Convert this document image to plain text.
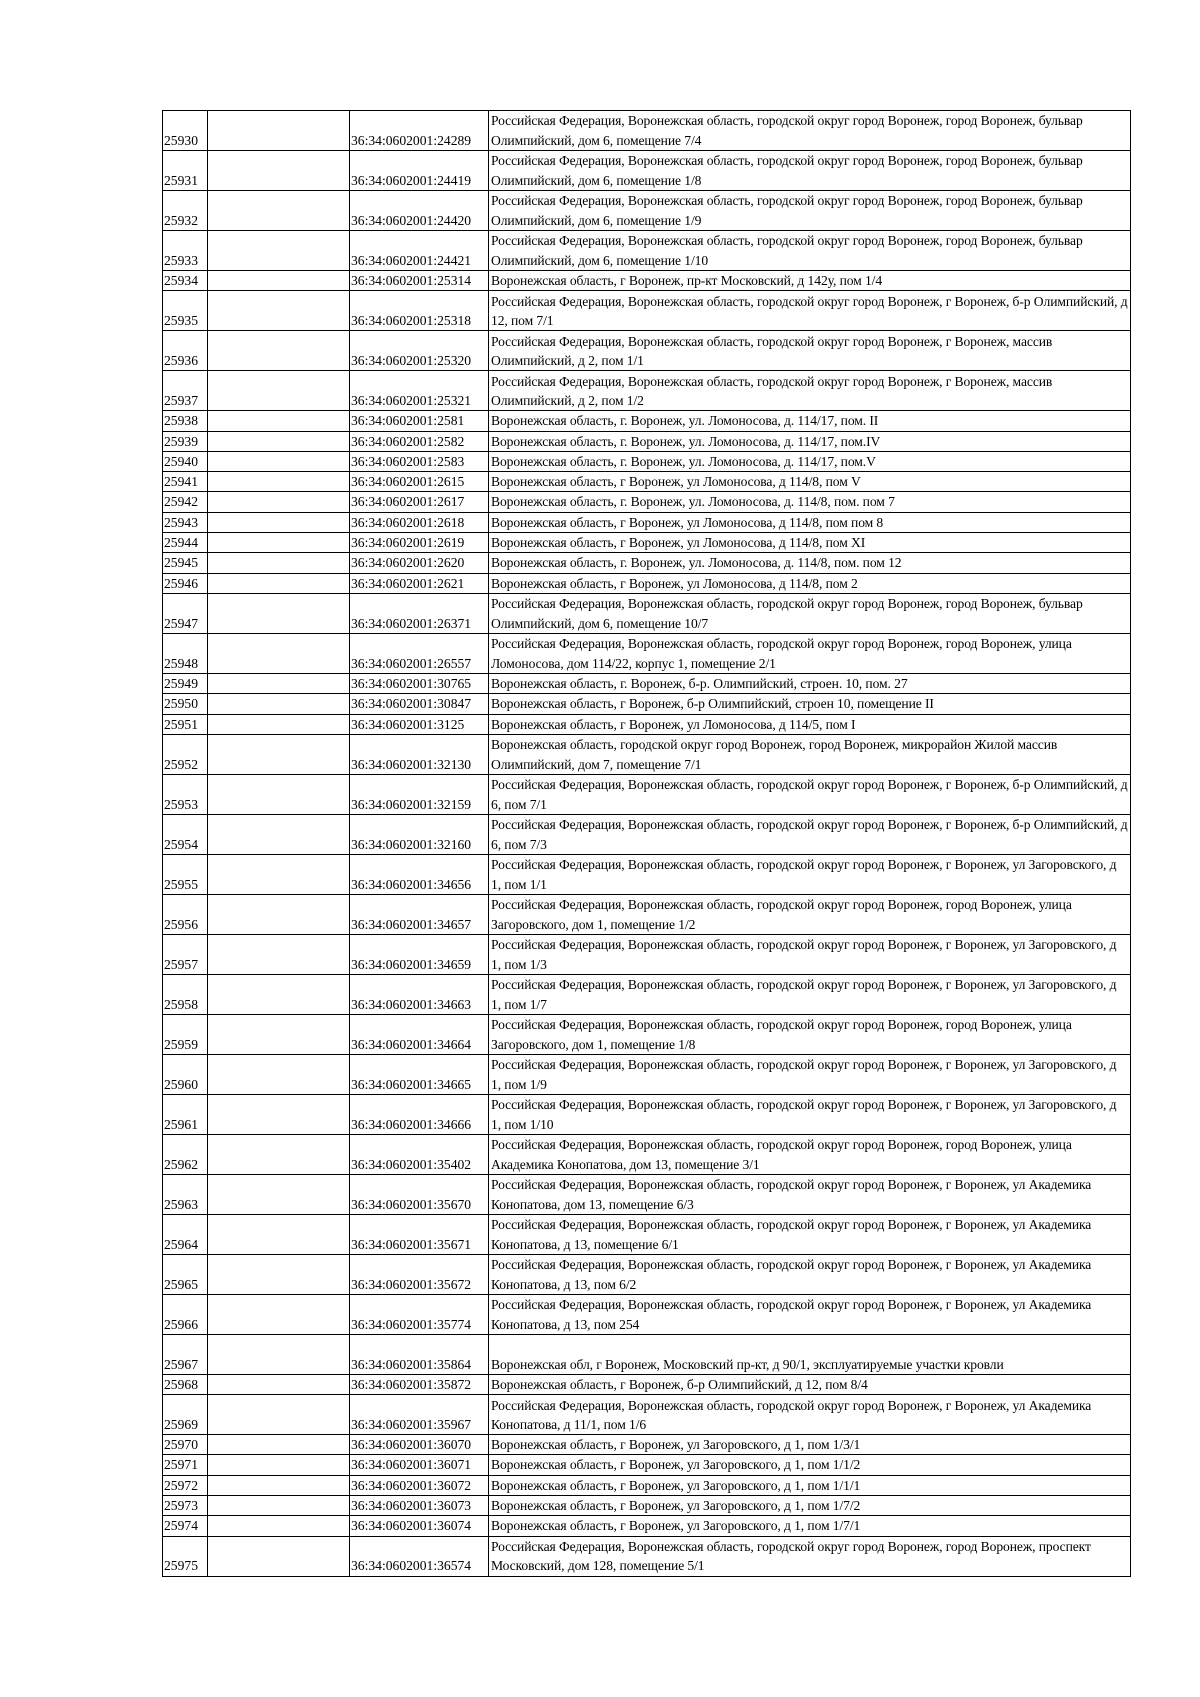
25930		36:34:0602001:24289	Российская Федерация, Воронежская область, городской округ город Воронеж, город Воронеж, бульвар Олимпийский, дом 6, помещение 7/4
25931		36:34:0602001:24419	Российская Федерация, Воронежская область, городской округ город Воронеж, город Воронеж, бульвар Олимпийский, дом 6, помещение 1/8
25932		36:34:0602001:24420	Российская Федерация, Воронежская область, городской округ город Воронеж, город Воронеж, бульвар Олимпийский, дом 6, помещение 1/9
25933		36:34:0602001:24421	Российская Федерация, Воронежская область, городской округ город Воронеж, город Воронеж, бульвар Олимпийский, дом 6, помещение 1/10
25934		36:34:0602001:25314	Воронежская область, г Воронеж, пр-кт Московский, д 142у, пом 1/4
25935		36:34:0602001:25318	Российская Федерация, Воронежская область, городской округ город Воронеж, г Воронеж, б-р Олимпийский, д 12, пом 7/1
25936		36:34:0602001:25320	Российская Федерация, Воронежская область, городской округ город Воронеж, г Воронеж, массив Олимпийский, д 2, пом 1/1
25937		36:34:0602001:25321	Российская Федерация, Воронежская область, городской округ город Воронеж, г Воронеж, массив Олимпийский, д 2, пом 1/2
25938		36:34:0602001:2581	Воронежская область, г. Воронеж, ул. Ломоносова, д. 114/17, пом. II
25939		36:34:0602001:2582	Воронежская область, г. Воронеж, ул. Ломоносова, д. 114/17, пом.IV
25940		36:34:0602001:2583	Воронежская область, г. Воронеж, ул. Ломоносова, д. 114/17, пом.V
25941		36:34:0602001:2615	Воронежская область, г Воронеж, ул Ломоносова, д 114/8, пом V
25942		36:34:0602001:2617	Воронежская область, г. Воронеж, ул. Ломоносова, д. 114/8, пом. пом 7
25943		36:34:0602001:2618	Воронежская область, г Воронеж, ул Ломоносова, д 114/8, пом пом 8
25944		36:34:0602001:2619	Воронежская область, г Воронеж, ул Ломоносова, д 114/8, пом XI
25945		36:34:0602001:2620	Воронежская область, г. Воронеж, ул. Ломоносова, д. 114/8, пом. пом 12
25946		36:34:0602001:2621	Воронежская область, г Воронеж, ул Ломоносова, д 114/8, пом 2
25947		36:34:0602001:26371	Российская Федерация, Воронежская область, городской округ город Воронеж, город Воронеж, бульвар Олимпийский, дом 6, помещение 10/7
25948		36:34:0602001:26557	Российская Федерация, Воронежская область, городской округ город Воронеж, город Воронеж, улица Ломоносова, дом 114/22, корпус 1, помещение 2/1
25949		36:34:0602001:30765	Воронежская область, г. Воронеж, б-р. Олимпийский, строен. 10, пом. 27
25950		36:34:0602001:30847	Воронежская область, г Воронеж, б-р Олимпийский, строен 10, помещение II
25951		36:34:0602001:3125	Воронежская область, г Воронеж, ул Ломоносова, д 114/5, пом I
25952		36:34:0602001:32130	Воронежская область, городской округ город Воронеж, город Воронеж, микрорайон Жилой массив Олимпийский, дом 7, помещение 7/1
25953		36:34:0602001:32159	Российская Федерация, Воронежская область, городской округ город Воронеж, г Воронеж, б-р Олимпийский, д 6, пом 7/1
25954		36:34:0602001:32160	Российская Федерация, Воронежская область, городской округ город Воронеж, г Воронеж, б-р Олимпийский, д 6, пом 7/3
25955		36:34:0602001:34656	Российская Федерация, Воронежская область, городской округ город Воронеж, г Воронеж, ул Загоровского, д 1, пом 1/1
25956		36:34:0602001:34657	Российская Федерация, Воронежская область, городской округ город Воронеж, город Воронеж, улица Загоровского, дом 1, помещение 1/2
25957		36:34:0602001:34659	Российская Федерация, Воронежская область, городской округ город Воронеж, г Воронеж, ул Загоровского, д 1, пом 1/3
25958		36:34:0602001:34663	Российская Федерация, Воронежская область, городской округ город Воронеж, г Воронеж, ул Загоровского, д 1, пом 1/7
25959		36:34:0602001:34664	Российская Федерация, Воронежская область, городской округ город Воронеж, город Воронеж, улица Загоровского, дом 1, помещение 1/8
25960		36:34:0602001:34665	Российская Федерация, Воронежская область, городской округ город Воронеж, г Воронеж, ул Загоровского, д 1, пом 1/9
25961		36:34:0602001:34666	Российская Федерация, Воронежская область, городской округ город Воронеж, г Воронеж, ул Загоровского, д 1, пом 1/10
25962		36:34:0602001:35402	Российская Федерация, Воронежская область, городской округ город Воронеж, город Воронеж, улица Академика Конопатова, дом 13, помещение 3/1
25963		36:34:0602001:35670	Российская Федерация, Воронежская область, городской округ город Воронеж, г Воронеж, ул Академика Конопатова, дом 13, помещение 6/3
25964		36:34:0602001:35671	Российская Федерация, Воронежская область, городской округ город Воронеж, г Воронеж, ул Академика Конопатова, д 13, помещение 6/1
25965		36:34:0602001:35672	Российская Федерация, Воронежская область, городской округ город Воронеж, г Воронеж, ул Академика Конопатова, д 13, пом 6/2
25966		36:34:0602001:35774	Российская Федерация, Воронежская область, городской округ город Воронеж, г Воронеж, ул Академика Конопатова, д 13, пом 254
25967		36:34:0602001:35864	Воронежская обл, г Воронеж, Московский пр-кт, д 90/1, эксплуатируемые участки кровли
25968		36:34:0602001:35872	Воронежская область, г Воронеж, б-р Олимпийский, д 12, пом 8/4
25969		36:34:0602001:35967	Российская Федерация, Воронежская область, городской округ город Воронеж, г Воронеж, ул Академика Конопатова, д 11/1, пом 1/6
25970		36:34:0602001:36070	Воронежская область, г Воронеж, ул Загоровского, д 1, пом 1/3/1
25971		36:34:0602001:36071	Воронежская область, г Воронеж, ул Загоровского, д 1, пом 1/1/2
25972		36:34:0602001:36072	Воронежская область, г Воронеж, ул Загоровского, д 1, пом 1/1/1
25973		36:34:0602001:36073	Воронежская область, г Воронеж, ул Загоровского, д 1, пом 1/7/2
25974		36:34:0602001:36074	Воронежская область, г Воронеж, ул Загоровского, д 1, пом 1/7/1
25975		36:34:0602001:36574	Российская Федерация, Воронежская область, городской округ город Воронеж, город Воронеж, проспект Московский, дом 128, помещение 5/1
